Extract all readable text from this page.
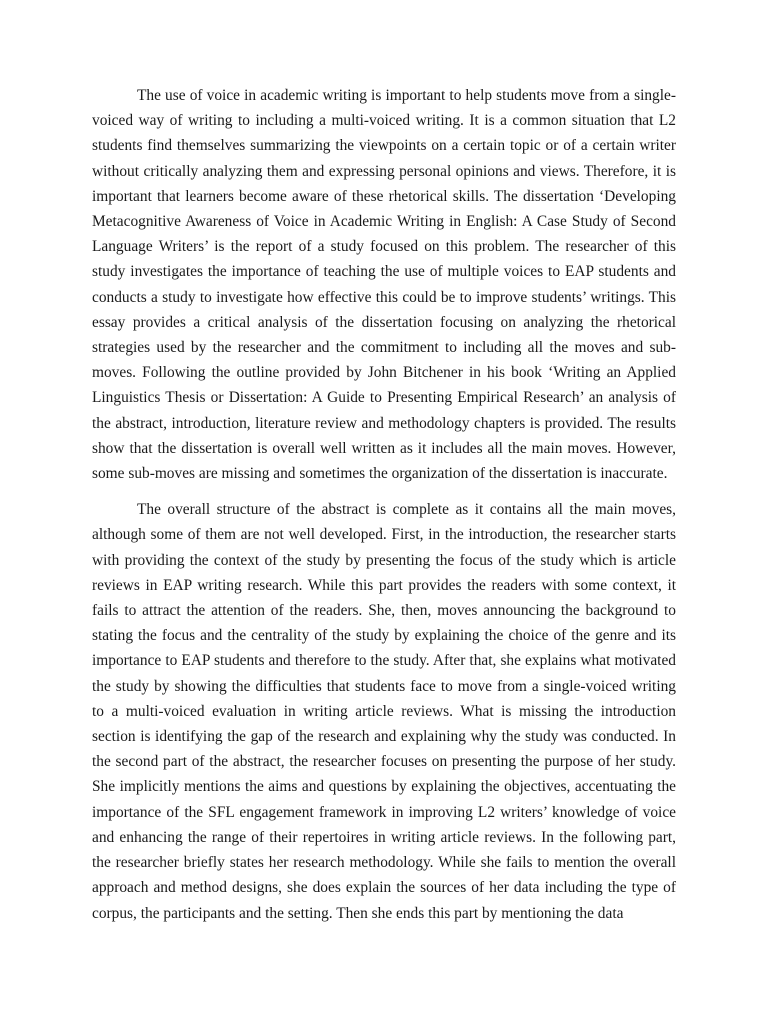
The use of voice in academic writing is important to help students move from a single-voiced way of writing to including a multi-voiced writing. It is a common situation that L2 students find themselves summarizing the viewpoints on a certain topic or of a certain writer without critically analyzing them and expressing personal opinions and views. Therefore, it is important that learners become aware of these rhetorical skills. The dissertation ‘Developing Metacognitive Awareness of Voice in Academic Writing in English: A Case Study of Second Language Writers’ is the report of a study focused on this problem. The researcher of this study investigates the importance of teaching the use of multiple voices to EAP students and conducts a study to investigate how effective this could be to improve students’ writings. This essay provides a critical analysis of the dissertation focusing on analyzing the rhetorical strategies used by the researcher and the commitment to including all the moves and sub-moves. Following the outline provided by John Bitchener in his book ‘Writing an Applied Linguistics Thesis or Dissertation: A Guide to Presenting Empirical Research’ an analysis of the abstract, introduction, literature review and methodology chapters is provided. The results show that the dissertation is overall well written as it includes all the main moves. However, some sub-moves are missing and sometimes the organization of the dissertation is inaccurate.

The overall structure of the abstract is complete as it contains all the main moves, although some of them are not well developed. First, in the introduction, the researcher starts with providing the context of the study by presenting the focus of the study which is article reviews in EAP writing research. While this part provides the readers with some context, it fails to attract the attention of the readers. She, then, moves announcing the background to stating the focus and the centrality of the study by explaining the choice of the genre and its importance to EAP students and therefore to the study. After that, she explains what motivated the study by showing the difficulties that students face to move from a single-voiced writing to a multi-voiced evaluation in writing article reviews. What is missing the introduction section is identifying the gap of the research and explaining why the study was conducted. In the second part of the abstract, the researcher focuses on presenting the purpose of her study. She implicitly mentions the aims and questions by explaining the objectives, accentuating the importance of the SFL engagement framework in improving L2 writers’ knowledge of voice and enhancing the range of their repertoires in writing article reviews. In the following part, the researcher briefly states her research methodology. While she fails to mention the overall approach and method designs, she does explain the sources of her data including the type of corpus, the participants and the setting. Then she ends this part by mentioning the data
